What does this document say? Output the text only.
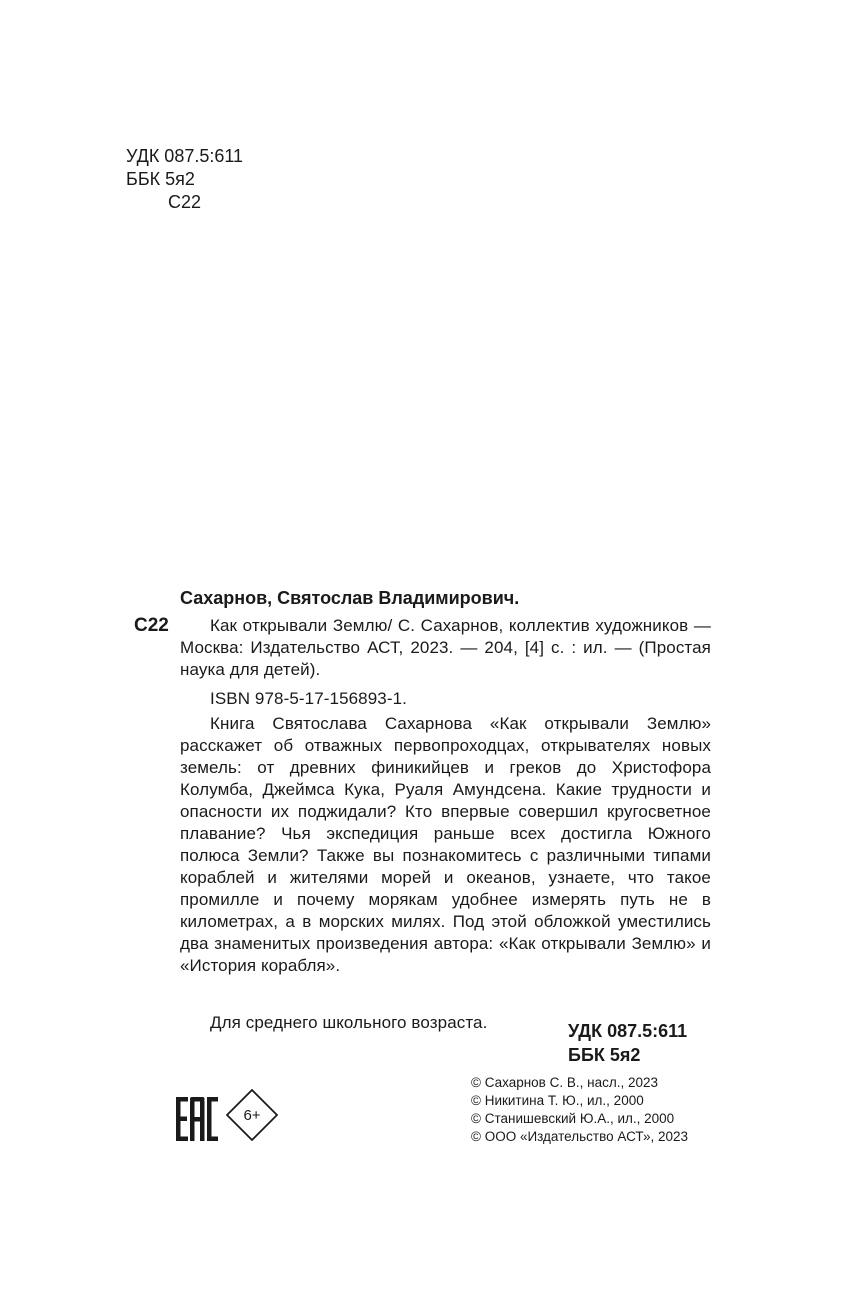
УДК 087.5:611
ББК 5я2
С22
Сахарнов, Святослав Владимирович.
С22	Как открывали Землю/ С. Сахарнов, коллектив художников — Москва: Издательство АСТ, 2023. — 204, [4] с. : ил. — (Простая наука для детей).
ISBN 978-5-17-156893-1.
Книга Святослава Сахарнова «Как открывали Землю» расскажет об отважных первопроходцах, открывателях новых земель: от древних финикийцев и греков до Христофора Колумба, Джеймса Кука, Руаля Амундсена. Какие трудности и опасности их поджидали? Кто впервые совершил кругосветное плавание? Чья экспедиция раньше всех достигла Южного полюса Земли? Также вы познакомитесь с различными типами кораблей и жителями морей и океанов, узнаете, что такое промилле и почему морякам удобнее измерять путь не в километрах, а в морских милях. Под этой обложкой уместились два знаменитых произведения автора: «Как открывали Землю» и «История корабля».
Для среднего школьного возраста.	УДК 087.5:611
ББК 5я2
© Сахарнов С. В., насл., 2023
© Никитина Т. Ю., ил., 2000
© Станишевский Ю.А., ил., 2000
© ООО «Издательство АСТ», 2023
6+
